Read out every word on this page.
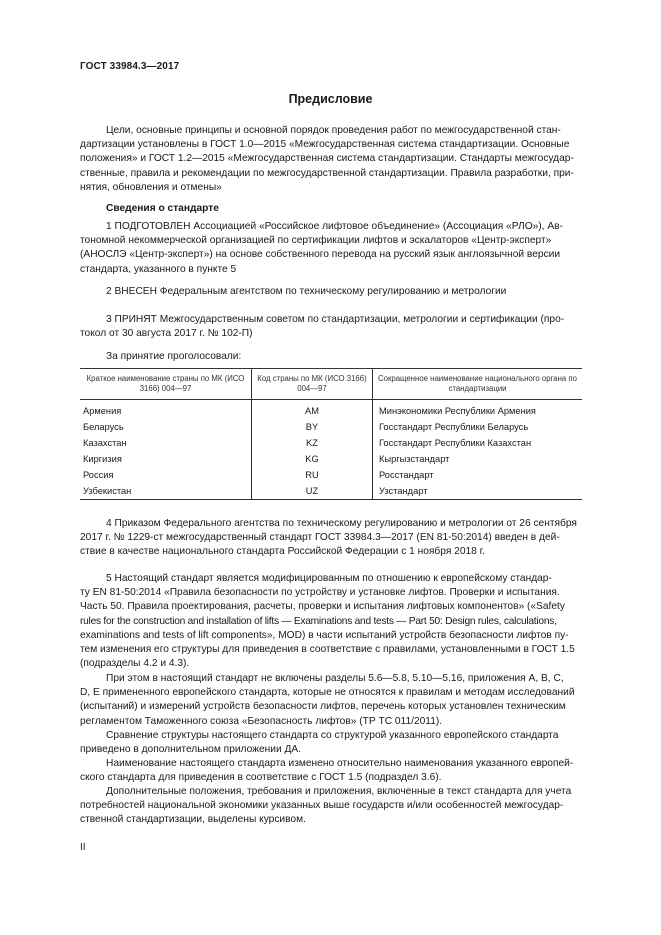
ГОСТ 33984.3—2017
Предисловие
Цели, основные принципы и основной порядок проведения работ по межгосударственной стан-
дартизации установлены в ГОСТ 1.0—2015 «Межгосударственная система стандартизации. Основные
положения» и ГОСТ 1.2—2015 «Межгосударственная система стандартизации. Стандарты межгосудар-
ственные, правила и рекомендации по межгосударственной стандартизации. Правила разработки, при-
нятия, обновления и отмены»
Сведения о стандарте
1 ПОДГОТОВЛЕН Ассоциацией «Российское лифтовое объединение» (Ассоциация «РЛО»), Ав-
тономной некоммерческой организацией по сертификации лифтов и эскалаторов «Центр-эксперт»
(АНОСЛЭ «Центр-эксперт») на основе собственного перевода на русский язык англоязычной версии
стандарта, указанного в пункте 5
2 ВНЕСЕН Федеральным агентством по техническому регулированию и метрологии
3 ПРИНЯТ Межгосударственным советом по стандартизации, метрологии и сертификации (про-
токол от 30 августа 2017 г. № 102-П)
За принятие проголосовали:
Краткое наименование страны по МК (ИСО 3166) 004—97	Код страны по МК (ИСО 3166) 004—97	Сокращенное наименование национального органа по стандартизации
Армения	AM	Минэкономики Республики Армения
Беларусь	BY	Госстандарт Республики Беларусь
Казахстан	KZ	Госстандарт Республики Казахстан
Киргизия	KG	Кыргызстандарт
Россия	RU	Росстандарт
Узбекистан	UZ	Узстандарт
4 Приказом Федерального агентства по техническому регулированию и метрологии от 26 сентября
2017 г. № 1229-ст межгосударственный стандарт ГОСТ 33984.3—2017 (EN 81-50:2014) введен в дей-
ствие в качестве национального стандарта Российской Федерации с 1 ноября 2018 г.
5 Настоящий стандарт является модифицированным по отношению к европейскому стандар-
ту EN 81-50:2014 «Правила безопасности по устройству и установке лифтов. Проверки и испытания.
Часть 50. Правила проектирования, расчеты, проверки и испытания лифтовых компонентов» («Safety
rules for the construction and installation of lifts — Examinations and tests — Part 50: Design rules, calculations,
examinations and tests of lift components», MOD) в части испытаний устройств безопасности лифтов пу-
тем изменения его структуры для приведения в соответствие с правилами, установленными в ГОСТ 1.5
(подразделы 4.2 и 4.3).
При этом в настоящий стандарт не включены разделы 5.6—5.8, 5.10—5.16, приложения А, В, С,
D, E примененного европейского стандарта, которые не относятся к правилам и методам исследований
(испытаний) и измерений устройств безопасности лифтов, перечень которых установлен техническим
регламентом Таможенного союза «Безопасность лифтов» (ТР ТС 011/2011).
Сравнение структуры настоящего стандарта со структурой указанного европейского стандарта
приведено в дополнительном приложении ДА.
Наименование настоящего стандарта изменено относительно наименования указанного европей-
ского стандарта для приведения в соответствие с ГОСТ 1.5 (подраздел 3.6).
Дополнительные положения, требования и приложения, включенные в текст стандарта для учета
потребностей национальной экономики указанных выше государств и/или особенностей межгосудар-
ственной стандартизации, выделены курсивом.
II
